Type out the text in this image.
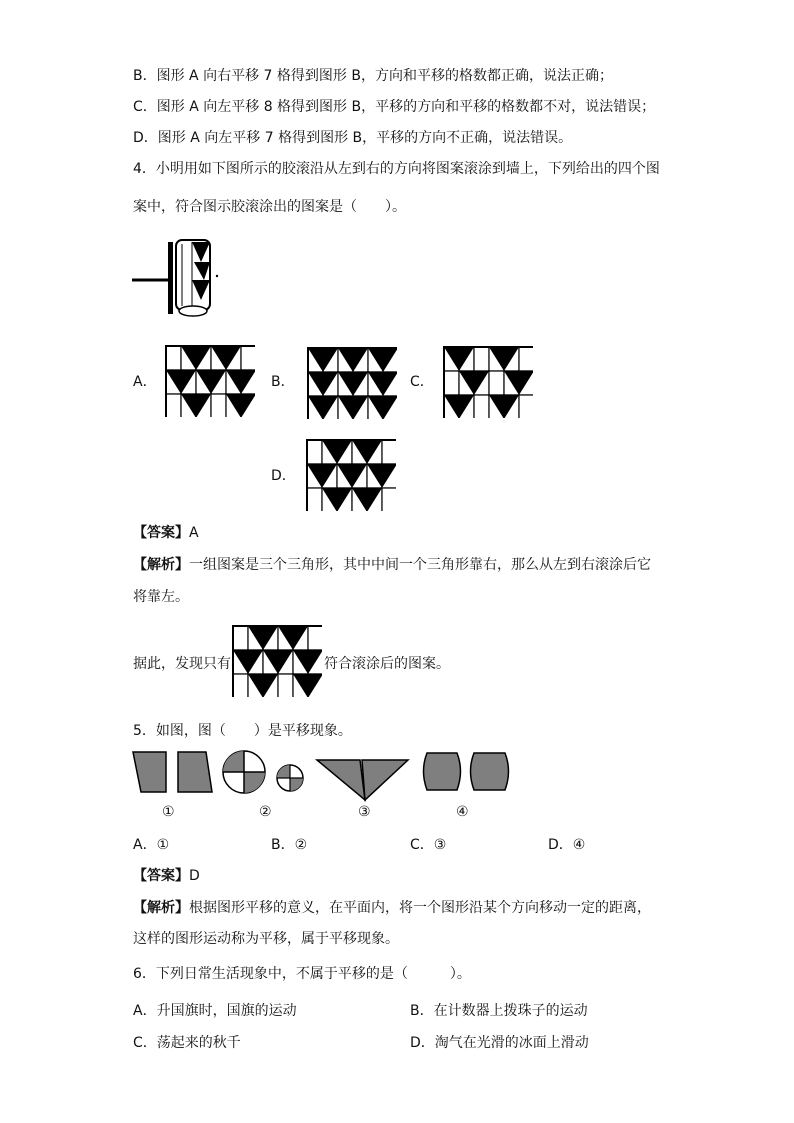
B．图形 A 向右平移 7 格得到图形 B，方向和平移的格数都正确，说法正确；
C．图形 A 向左平移 8 格得到图形 B，平移的方向和平移的格数都不对，说法错误；
D．图形 A 向左平移 7 格得到图形 B，平移的方向不正确，说法错误。
4．小明用如下图所示的胶滚沿从左到右的方向将图案滚涂到墙上，下列给出的四个图
案中，符合图示胶滚涂出的图案是（　　）。
A．	B．	C．
D．
【答案】A
【解析】一组图案是三个三角形，其中中间一个三角形靠右，那么从左到右滚涂后它
将靠左。
据此，发现只有	符合滚涂后的图案。
5．如图，图（　　）是平移现象。
①	②	③	④
A．①	B．②	C．③	D．④
【答案】D
【解析】根据图形平移的意义，在平面内，将一个图形沿某个方向移动一定的距离，
这样的图形运动称为平移，属于平移现象。
6．下列日常生活现象中，不属于平移的是（　　　）。
A．升国旗时，国旗的运动	B．在计数器上拨珠子的运动
C．荡起来的秋千	D．淘气在光滑的冰面上滑动
